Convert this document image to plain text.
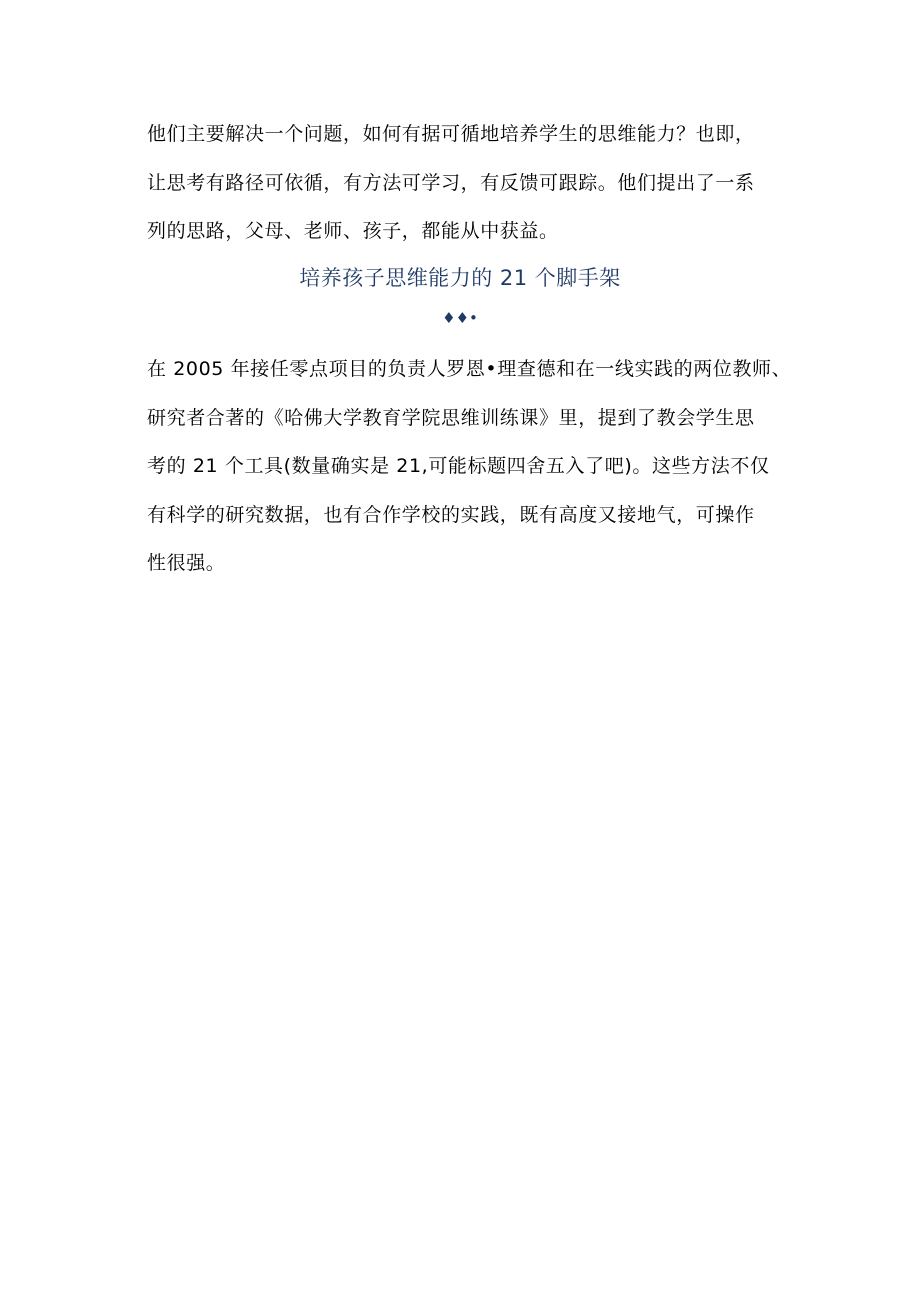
他们主要解决一个问题，如何有据可循地培养学生的思维能力？也即，
让思考有路径可依循，有方法可学习，有反馈可跟踪。他们提出了一系
列的思路，父母、老师、孩子，都能从中获益。
培养孩子思维能力的 21 个脚手架
♦♦•
在 2005 年接任零点项目的负责人罗恩•理查德和在一线实践的两位教师、
研究者合著的《哈佛大学教育学院思维训练课》里，提到了教会学生思
考的 21 个工具(数量确实是 21,可能标题四舍五入了吧)。这些方法不仅
有科学的研究数据，也有合作学校的实践，既有高度又接地气，可操作
性很强。
